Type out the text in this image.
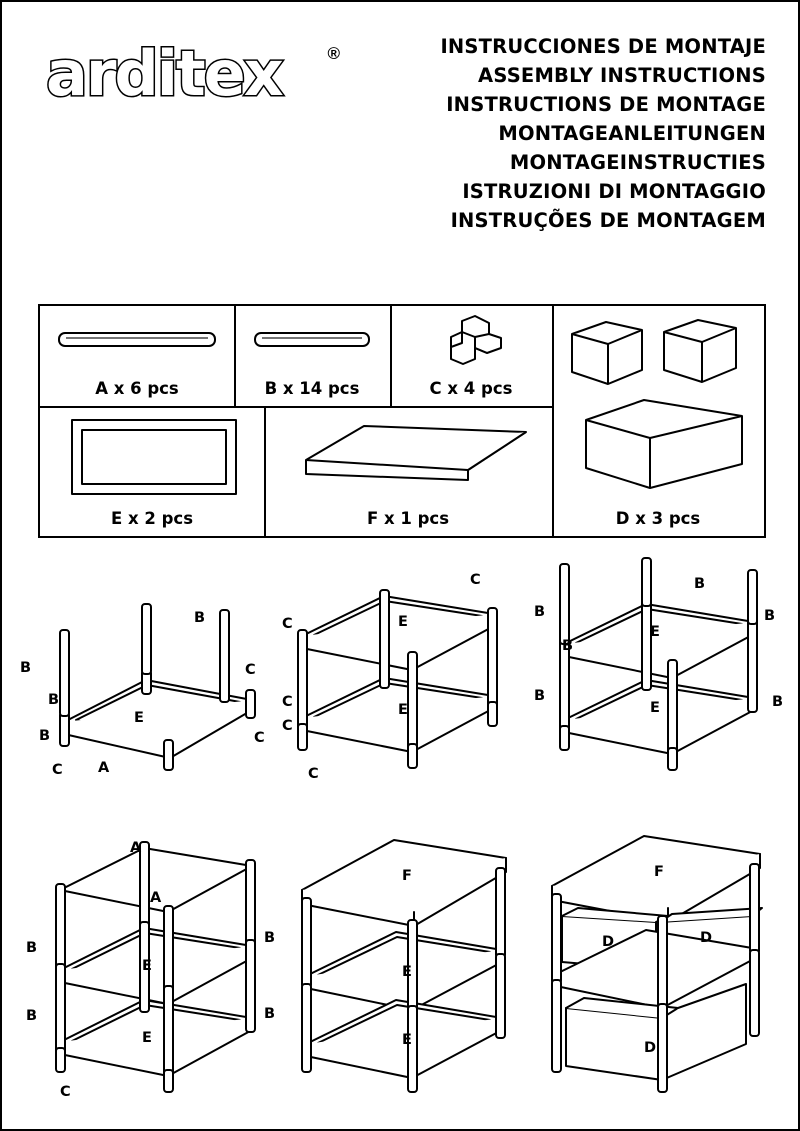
arditex	®	INSTRUCCIONES DE MONTAJE
ASSEMBLY INSTRUCTIONS
INSTRUCTIONS DE MONTAGE
MONTAGEANLEITUNGEN
MONTAGEINSTRUCTIES
ISTRUZIONI DI MONTAGGIO
INSTRUÇÕES DE MONTAGEM
A x 6 pcs	B x 14 pcs	C x 4 pcs
D x 3 pcs
E x 2 pcs	F x 1 pcs
B
B
B
B
C
C
C A
E
C
C
C
C
C
E
E
B
B	B
B
B	B
E
E
A
A
B
B
B
B
C
E
E
F
E
E
F
D	D
D
